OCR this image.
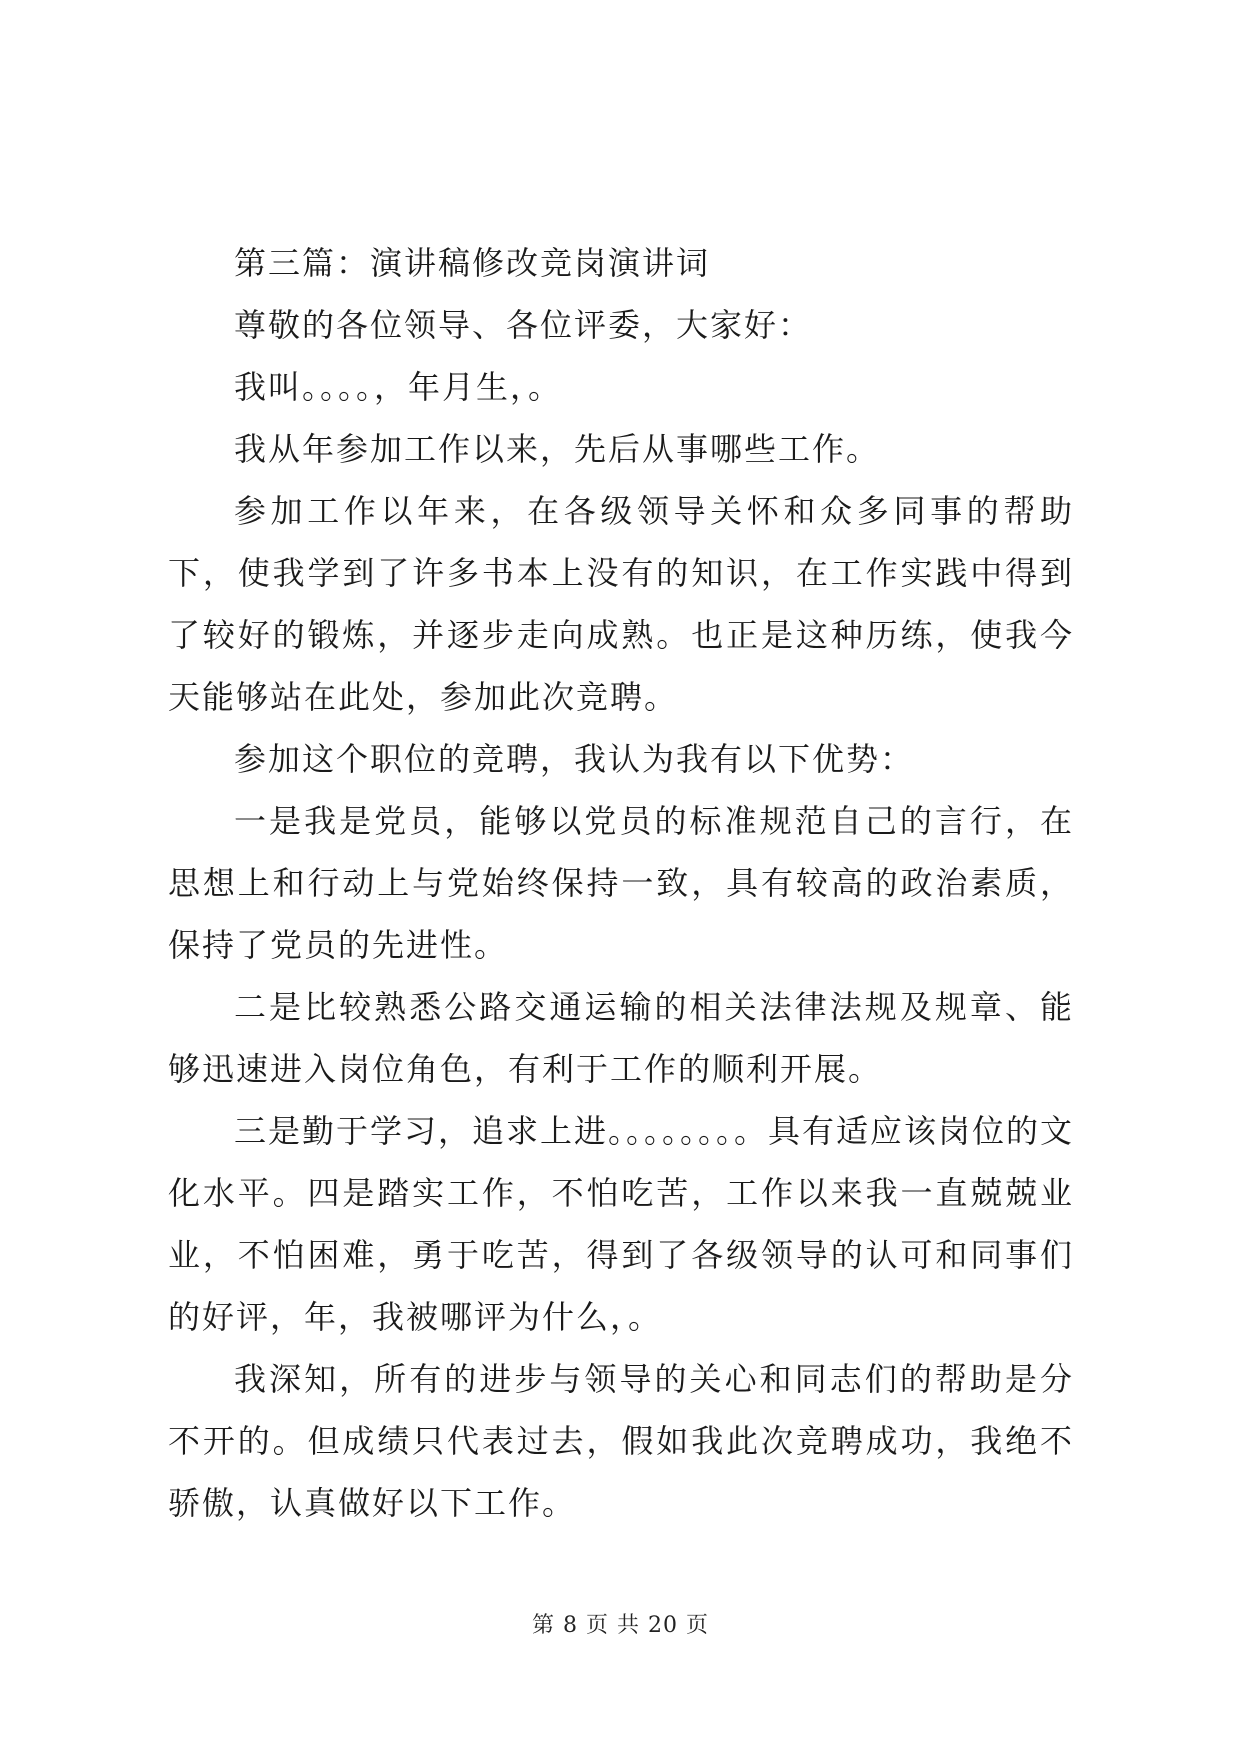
第三篇：演讲稿修改竞岗演讲词

尊敬的各位领导、各位评委，大家好：

我叫。。。。，年月生，。

我从年参加工作以来，先后从事哪些工作。

参加工作以年来，在各级领导关怀和众多同事的帮助下，使我学到了许多书本上没有的知识，在工作实践中得到了较好的锻炼，并逐步走向成熟。也正是这种历练，使我今天能够站在此处，参加此次竞聘。

参加这个职位的竞聘，我认为我有以下优势：

一是我是党员，能够以党员的标准规范自己的言行，在思想上和行动上与党始终保持一致，具有较高的政治素质，保持了党员的先进性。

二是比较熟悉公路交通运输的相关法律法规及规章、能够迅速进入岗位角色，有利于工作的顺利开展。

三是勤于学习，追求上进。。。。。。。。具有适应该岗位的文化水平。四是踏实工作，不怕吃苦，工作以来我一直兢兢业业，不怕困难，勇于吃苦，得到了各级领导的认可和同事们的好评，年，我被哪评为什么，。

我深知，所有的进步与领导的关心和同志们的帮助是分不开的。但成绩只代表过去，假如我此次竞聘成功，我绝不骄傲，认真做好以下工作。

第 8 页 共 20 页
